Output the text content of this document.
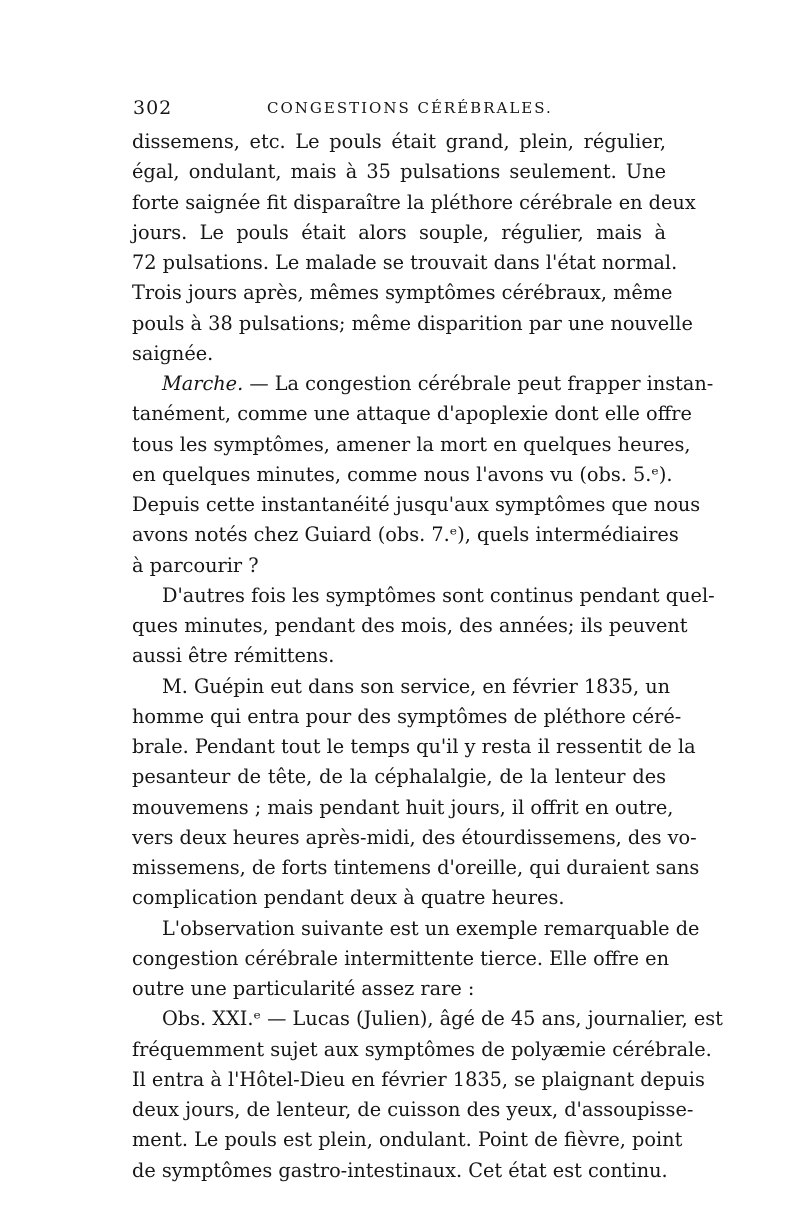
302	CONGESTIONS CÉRÉBRALES.
dissemens, etc. Le pouls était grand, plein, régulier,
égal, ondulant, mais à 35 pulsations seulement. Une
forte saignée fit disparaître la pléthore cérébrale en deux
jours. Le pouls était alors souple, régulier, mais à
72 pulsations. Le malade se trouvait dans l'état normal.
Trois jours après, mêmes symptômes cérébraux, même
pouls à 38 pulsations; même disparition par une nouvelle
saignée.
Marche. — La congestion cérébrale peut frapper instan-
tanément, comme une attaque d'apoplexie dont elle offre
tous les symptômes, amener la mort en quelques heures,
en quelques minutes, comme nous l'avons vu (obs. 5.ᵉ).
Depuis cette instantanéité jusqu'aux symptômes que nous
avons notés chez Guiard (obs. 7.ᵉ), quels intermédiaires
à parcourir ?
D'autres fois les symptômes sont continus pendant quel-
ques minutes, pendant des mois, des années; ils peuvent
aussi être rémittens.
M. Guépin eut dans son service, en février 1835, un
homme qui entra pour des symptômes de pléthore céré-
brale. Pendant tout le temps qu'il y resta il ressentit de la
pesanteur de tête, de la céphalalgie, de la lenteur des
mouvemens ; mais pendant huit jours, il offrit en outre,
vers deux heures après-midi, des étourdissemens, des vo-
missemens, de forts tintemens d'oreille, qui duraient sans
complication pendant deux à quatre heures.
L'observation suivante est un exemple remarquable de
congestion cérébrale intermittente tierce. Elle offre en
outre une particularité assez rare :
Obs. XXI.ᵉ — Lucas (Julien), âgé de 45 ans, journalier, est
fréquemment sujet aux symptômes de polyæmie cérébrale.
Il entra à l'Hôtel-Dieu en février 1835, se plaignant depuis
deux jours, de lenteur, de cuisson des yeux, d'assoupisse-
ment. Le pouls est plein, ondulant. Point de fièvre, point
de symptômes gastro-intestinaux. Cet état est continu.
